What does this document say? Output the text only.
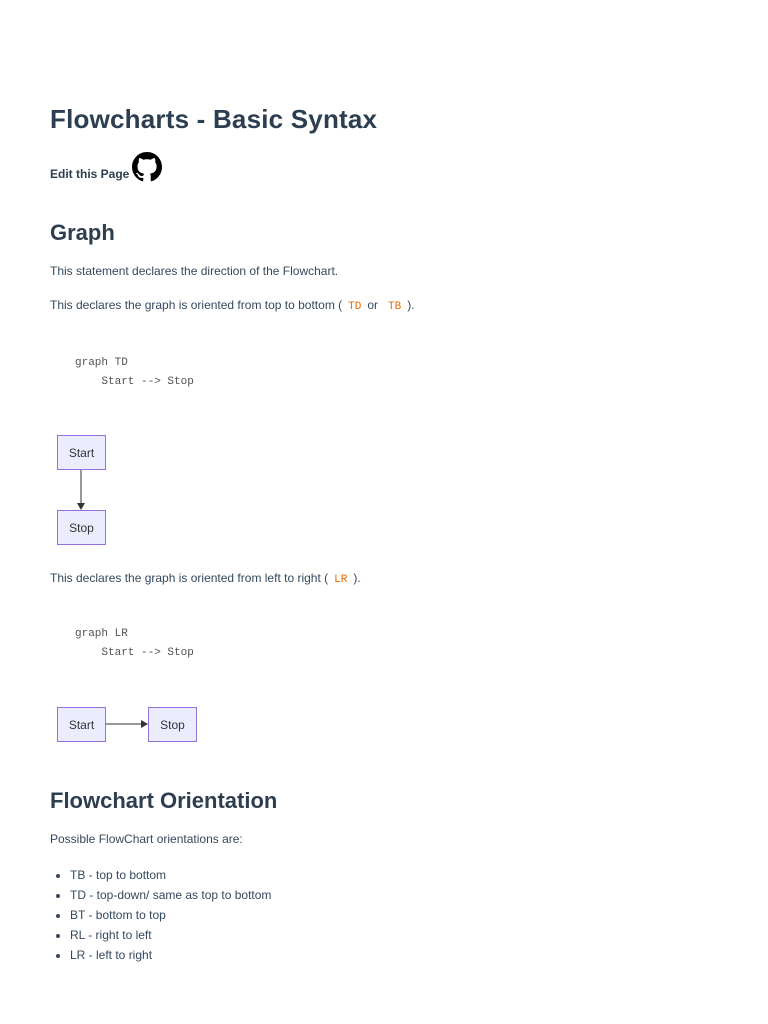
Flowcharts - Basic Syntax
Edit this Page
Graph

This statement declares the direction of the Flowchart.

This declares the graph is oriented from top to bottom ( TD or TB ).

graph TD
Start --> Stop
Start
Stop

This declares the graph is oriented from left to right ( LR ).

graph LR
Start --> Stop
Start	Stop
Flowchart Orientation

Possible FlowChart orientations are:

• TB - top to bottom
• TD - top-down/ same as top to bottom
• BT - bottom to top
• RL - right to left
• LR - left to right
